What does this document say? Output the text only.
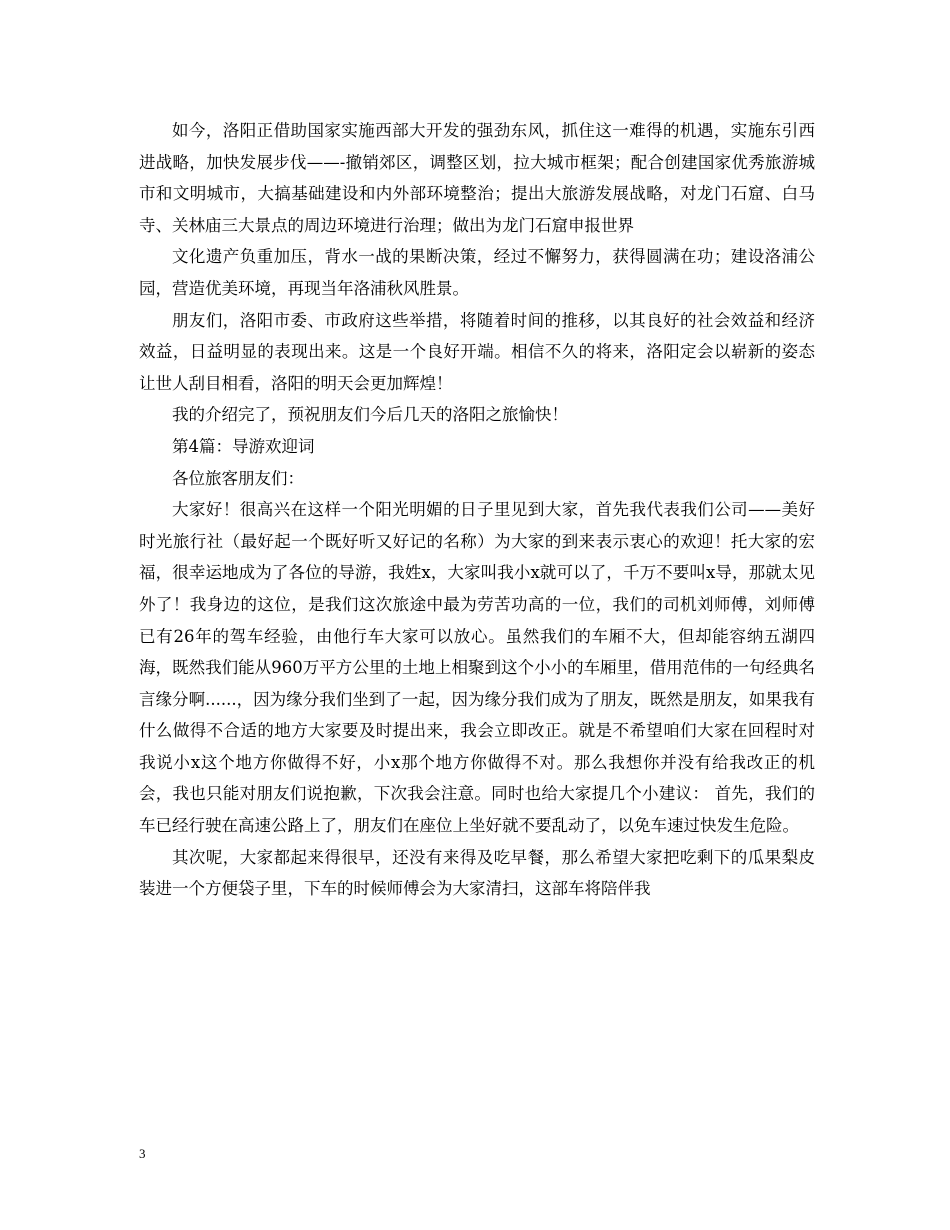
如今，洛阳正借助国家实施西部大开发的强劲东风，抓住这一难得的机遇，实施东引西进战略，加快发展步伐——-撤销郊区，调整区划，拉大城市框架；配合创建国家优秀旅游城市和文明城市，大搞基础建设和内外部环境整治；提出大旅游发展战略，对龙门石窟、白马寺、关林庙三大景点的周边环境进行治理；做出为龙门石窟申报世界

文化遗产负重加压，背水一战的果断决策，经过不懈努力，获得圆满在功；建设洛浦公园，营造优美环境，再现当年洛浦秋风胜景。

朋友们，洛阳市委、市政府这些举措，将随着时间的推移，以其良好的社会效益和经济效益，日益明显的表现出来。这是一个良好开端。相信不久的将来，洛阳定会以崭新的姿态让世人刮目相看，洛阳的明天会更加辉煌！

我的介绍完了，预祝朋友们今后几天的洛阳之旅愉快！

第4篇：导游欢迎词

各位旅客朋友们：

大家好！很高兴在这样一个阳光明媚的日子里见到大家，首先我代表我们公司——美好时光旅行社（最好起一个既好听又好记的名称）为大家的到来表示衷心的欢迎！托大家的宏福，很幸运地成为了各位的导游，我姓x，大家叫我小x就可以了，千万不要叫x导，那就太见外了！我身边的这位，是我们这次旅途中最为劳苦功高的一位，我们的司机刘师傅，刘师傅已有26年的驾车经验，由他行车大家可以放心。虽然我们的车厢不大，但却能容纳五湖四海，既然我们能从960万平方公里的土地上相聚到这个小小的车厢里，借用范伟的一句经典名言缘分啊......，因为缘分我们坐到了一起，因为缘分我们成为了朋友，既然是朋友，如果我有什么做得不合适的地方大家要及时提出来，我会立即改正。就是不希望咱们大家在回程时对我说小x这个地方你做得不好，小x那个地方你做得不对。那么我想你并没有给我改正的机会，我也只能对朋友们说抱歉，下次我会注意。同时也给大家提几个小建议： 首先，我们的车已经行驶在高速公路上了，朋友们在座位上坐好就不要乱动了，以免车速过快发生危险。

其次呢，大家都起来得很早，还没有来得及吃早餐，那么希望大家把吃剩下的瓜果梨皮装进一个方便袋子里，下车的时候师傅会为大家清扫，这部车将陪伴我

3
